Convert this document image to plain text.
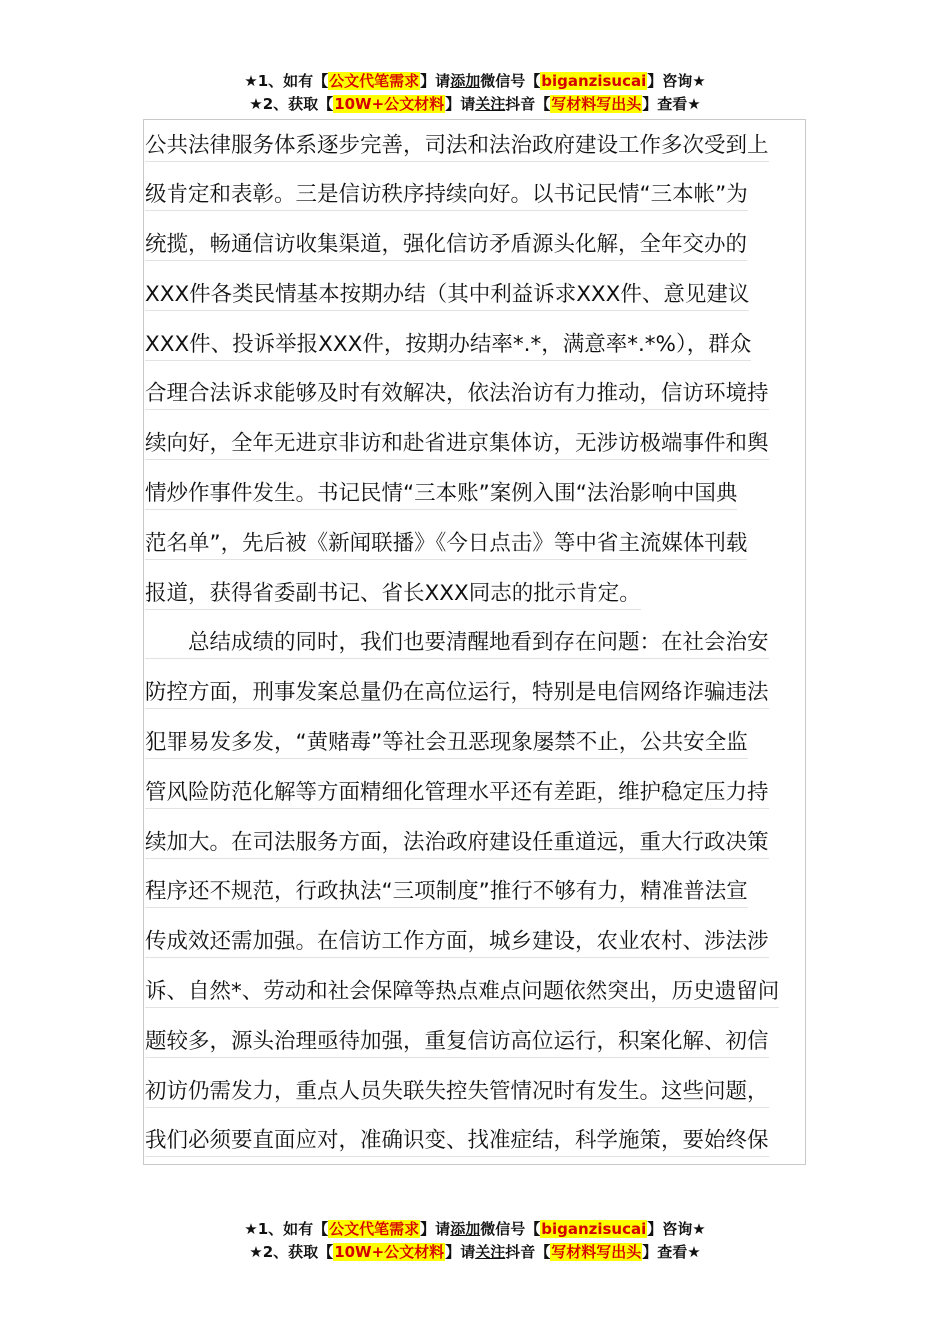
★1、如有【公文代笔需求】请添加微信号【biganzisucai】咨询★
★2、获取【10W+公文材料】请关注抖音【写材料写出头】查看★
公共法律服务体系逐步完善，司法和法治政府建设工作多次受到上
级肯定和表彰。三是信访秩序持续向好。以书记民情“三本帐”为
统揽，畅通信访收集渠道，强化信访矛盾源头化解，全年交办的
XXX件各类民情基本按期办结（其中利益诉求XXX件、意见建议
XXX件、投诉举报XXX件，按期办结率*.*，满意率*.*%），群众
合理合法诉求能够及时有效解决，依法治访有力推动，信访环境持
续向好，全年无进京非访和赴省进京集体访，无涉访极端事件和舆
情炒作事件发生。书记民情“三本账”案例入围“法治影响中国典
范名单”，先后被《新闻联播》《今日点击》等中省主流媒体刊载
报道，获得省委副书记、省长XXX同志的批示肯定。
总结成绩的同时，我们也要清醒地看到存在问题：在社会治安
防控方面，刑事发案总量仍在高位运行，特别是电信网络诈骗违法
犯罪易发多发，“黄赌毒”等社会丑恶现象屡禁不止，公共安全监
管风险防范化解等方面精细化管理水平还有差距，维护稳定压力持
续加大。在司法服务方面，法治政府建设任重道远，重大行政决策
程序还不规范，行政执法“三项制度”推行不够有力，精准普法宣
传成效还需加强。在信访工作方面，城乡建设，农业农村、涉法涉
诉、自然*、劳动和社会保障等热点难点问题依然突出，历史遗留问
题较多，源头治理亟待加强，重复信访高位运行，积案化解、初信
初访仍需发力，重点人员失联失控失管情况时有发生。这些问题，
我们必须要直面应对，准确识变、找准症结，科学施策，要始终保
★1、如有【公文代笔需求】请添加微信号【biganzisucai】咨询★
★2、获取【10W+公文材料】请关注抖音【写材料写出头】查看★
